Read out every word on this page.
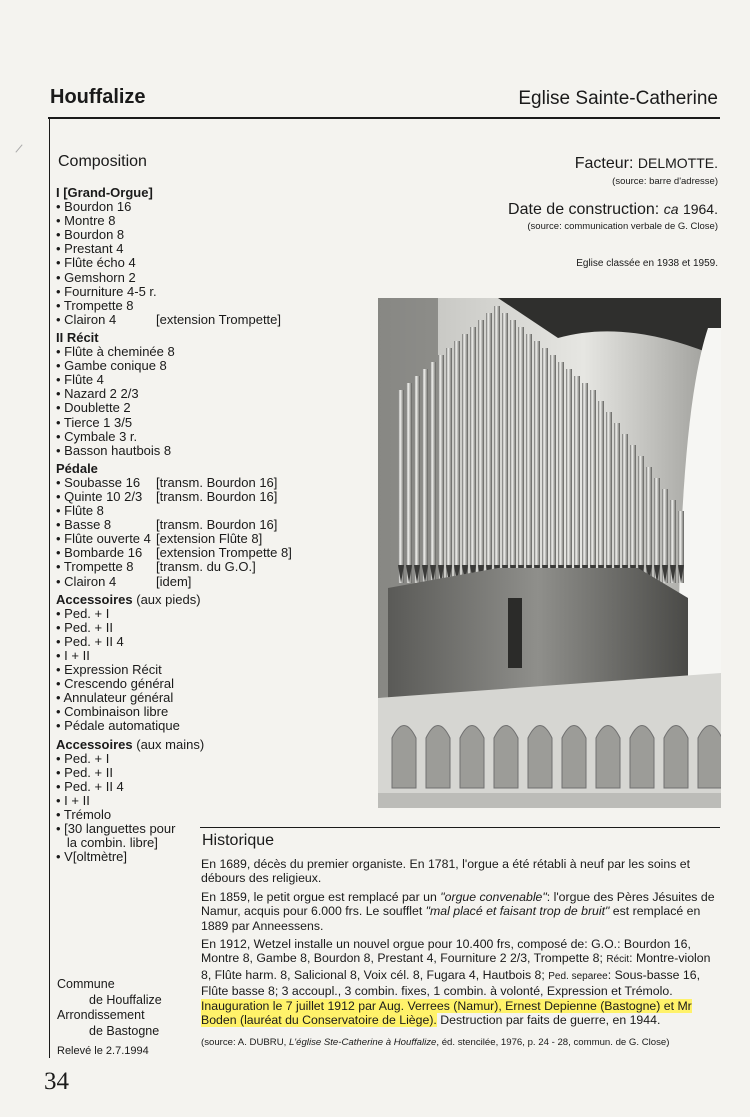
Houffalize	Eglise Sainte-Catherine
Composition
I [Grand-Orgue]
• Bourdon 16
• Montre 8
• Bourdon 8
• Prestant 4
• Flûte écho 4
• Gemshorn 2
• Fourniture 4-5 r.
• Trompette 8
• Clairon 4	[extension Trompette]
II Récit
• Flûte à cheminée 8
• Gambe conique 8
• Flûte 4
• Nazard 2 2/3
• Doublette 2
• Tierce 1 3/5
• Cymbale 3 r.
• Basson hautbois 8
Pédale
• Soubasse 16	[transm. Bourdon 16]
• Quinte 10 2/3	[transm. Bourdon 16]
• Flûte 8
• Basse 8	[transm. Bourdon 16]
• Flûte ouverte 4 [extension Flûte 8]
• Bombarde 16	[extension Trompette 8]
• Trompette 8	[transm. du G.O.]
• Clairon 4	[idem]
Accessoires (aux pieds)
• Ped. + I
• Ped. + II
• Ped. + II 4
• I + II
• Expression Récit
• Crescendo général
• Annulateur général
• Combinaison libre
• Pédale automatique
Accessoires (aux mains)
• Ped. + I
• Ped. + II
• Ped. + II 4
• I + II
• Trémolo
• [30 languettes pour
la combin. libre]
• V[oltmètre]
Facteur: DELMOTTE.
(source: barre d'adresse)
Date de construction: ca 1964.
(source: communication verbale de G. Close)
Eglise classée en 1938 et 1959.
Historique

En 1689, décès du premier organiste. En 1781, l'orgue a été rétabli à neuf par les soins et débours des religieux.

En 1859, le petit orgue est remplacé par un "orgue convenable": l'orgue des Pères Jésuites de Namur, acquis pour 6.000 frs. Le soufflet "mal placé et faisant trop de bruit" est remplacé en 1889 par Anneessens.

En 1912, Wetzel installe un nouvel orgue pour 10.400 frs, composé de: G.O.: Bourdon 16, Montre 8, Gambe 8, Bourdon 8, Prestant 4, Fourniture 2 2/3, Trompette 8; Récit: Montre-violon 8, Flûte harm. 8, Salicional 8, Voix cél. 8, Fugara 4, Hautbois 8; Ped. separee: Sous-basse 16, Flûte basse 8; 3 accoupl., 3 combin. fixes, 1 combin. à volonté, Expression et Trémolo. Inauguration le 7 juillet 1912 par Aug. Verrees (Namur), Ernest Depienne (Bastogne) et Mr Boden (lauréat du Conservatoire de Liège). Destruction par faits de guerre, en 1944.

(source: A. DUBRU, L'église Ste-Catherine à Houffalize, éd. stencilée, 1976, p. 24 - 28, commun. de G. Close)
Commune
de Houffalize
Arrondissement
de Bastogne
Relevé le 2.7.1994
34
